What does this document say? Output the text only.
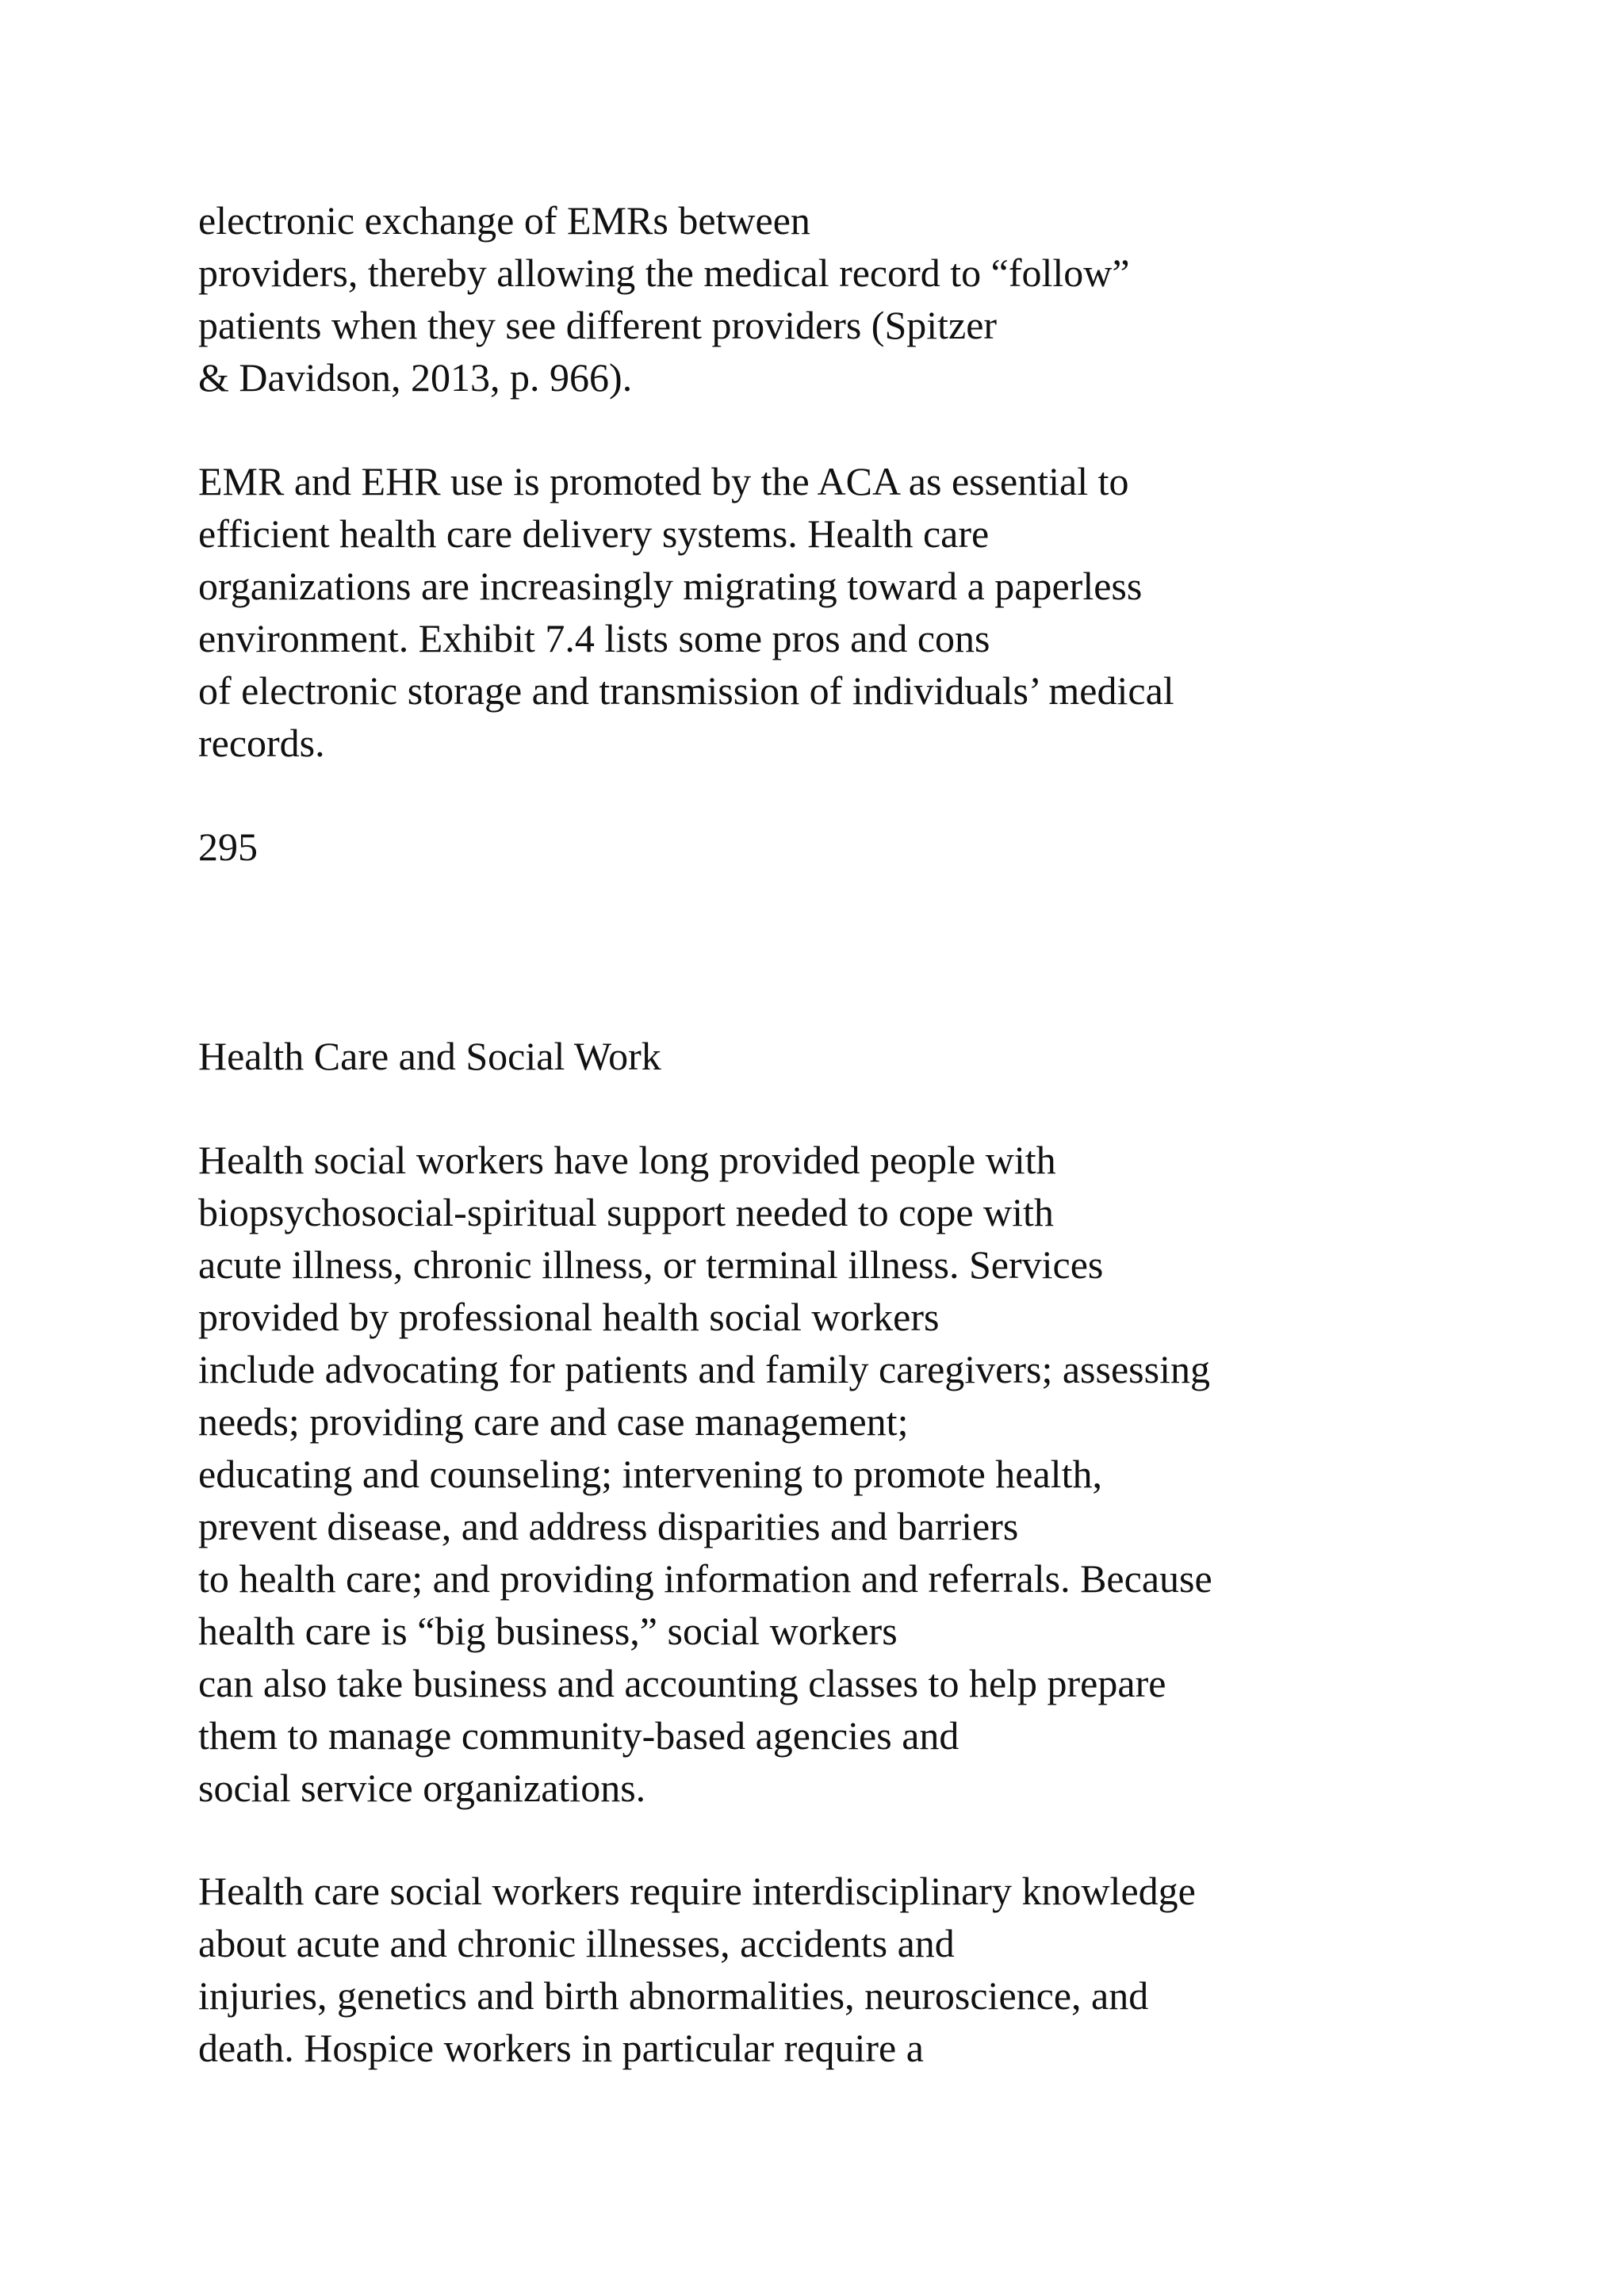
electronic exchange of EMRs between
providers, thereby allowing the medical record to “follow”
patients when they see different providers (Spitzer
& Davidson, 2013, p. 966).

EMR and EHR use is promoted by the ACA as essential to
efficient health care delivery systems. Health care
organizations are increasingly migrating toward a paperless
environment. Exhibit 7.4 lists some pros and cons
of electronic storage and transmission of individuals’ medical
records.

295

Health Care and Social Work

Health social workers have long provided people with
biopsychosocial-spiritual support needed to cope with
acute illness, chronic illness, or terminal illness. Services
provided by professional health social workers
include advocating for patients and family caregivers; assessing
needs; providing care and case management;
educating and counseling; intervening to promote health,
prevent disease, and address disparities and barriers
to health care; and providing information and referrals. Because
health care is “big business,” social workers
can also take business and accounting classes to help prepare
them to manage community-based agencies and
social service organizations.

Health care social workers require interdisciplinary knowledge
about acute and chronic illnesses, accidents and
injuries, genetics and birth abnormalities, neuroscience, and
death. Hospice workers in particular require a
